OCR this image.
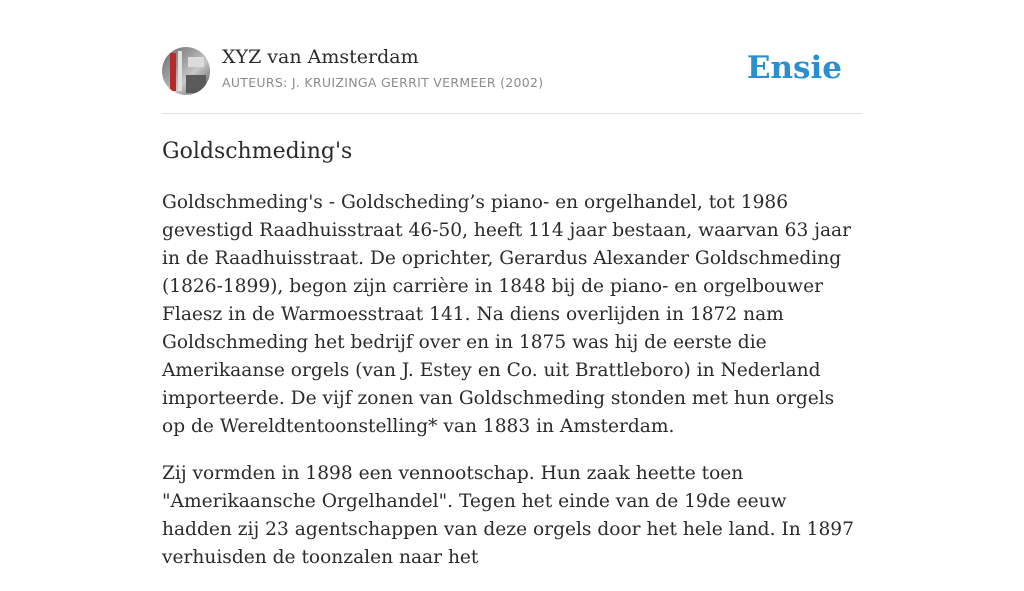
XYZ van Amsterdam
AUTEURS: J. KRUIZINGA GERRIT VERMEER (2002)	Ensie
Goldschmeding's

Goldschmeding's - Goldscheding’s piano- en orgelhandel, tot 1986 gevestigd Raadhuisstraat 46-50, heeft 114 jaar bestaan, waarvan 63 jaar in de Raadhuisstraat. De oprichter, Gerardus Alexander Goldschmeding (1826-1899), begon zijn carrière in 1848 bij de piano- en orgelbouwer Flaesz in de Warmoesstraat 141. Na diens overlijden in 1872 nam Goldschmeding het bedrijf over en in 1875 was hij de eerste die Amerikaanse orgels (van J. Estey en Co. uit Brattleboro) in Nederland importeerde. De vijf zonen van Goldschmeding stonden met hun orgels op de Wereldtentoonstelling* van 1883 in Amsterdam.

Zij vormden in 1898 een vennootschap. Hun zaak heette toen "Amerikaansche Orgelhandel". Tegen het einde van de 19de eeuw hadden zij 23 agentschappen van deze orgels door het hele land. In 1897 verhuisden de toonzalen naar het
